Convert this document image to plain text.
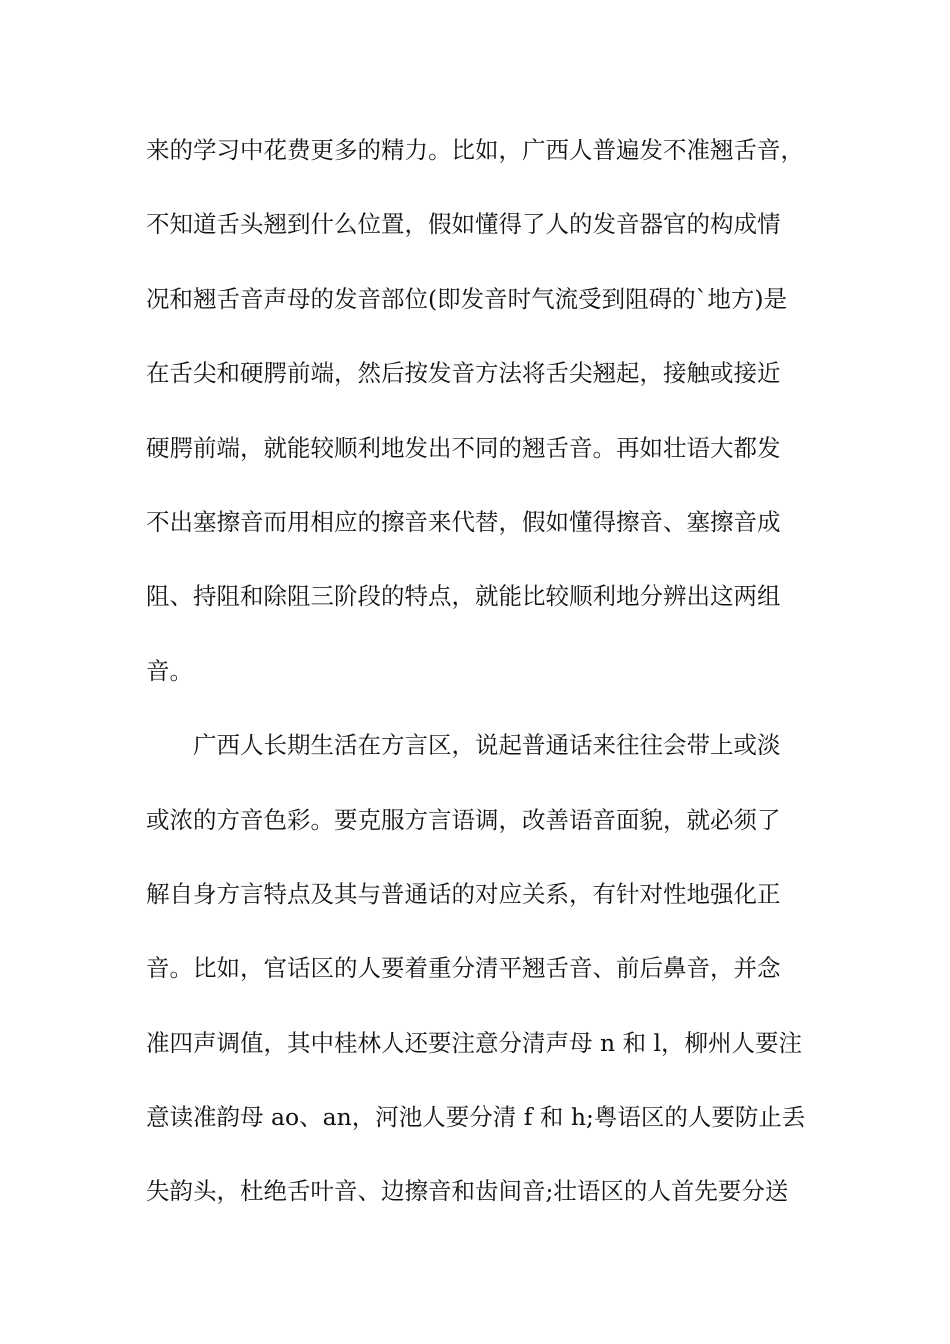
来的学习中花费更多的精力。比如，广西人普遍发不准翘舌音，
不知道舌头翘到什么位置，假如懂得了人的发音器官的构成情
况和翘舌音声母的发音部位(即发音时气流受到阻碍的`地方)是
在舌尖和硬腭前端，然后按发音方法将舌尖翘起，接触或接近
硬腭前端，就能较顺利地发出不同的翘舌音。再如壮语大都发
不出塞擦音而用相应的擦音来代替，假如懂得擦音、塞擦音成
阻、持阻和除阻三阶段的特点，就能比较顺利地分辨出这两组
音。
广西人长期生活在方言区，说起普通话来往往会带上或淡
或浓的方音色彩。要克服方言语调，改善语音面貌，就必须了
解自身方言特点及其与普通话的对应关系，有针对性地强化正
音。比如，官话区的人要着重分清平翘舌音、前后鼻音，并念
准四声调值，其中桂林人还要注意分清声母 n 和 l，柳州人要注
意读准韵母 ao、an，河池人要分清 f 和 h;粤语区的人要防止丢
失韵头，杜绝舌叶音、边擦音和齿间音;壮语区的人首先要分送
